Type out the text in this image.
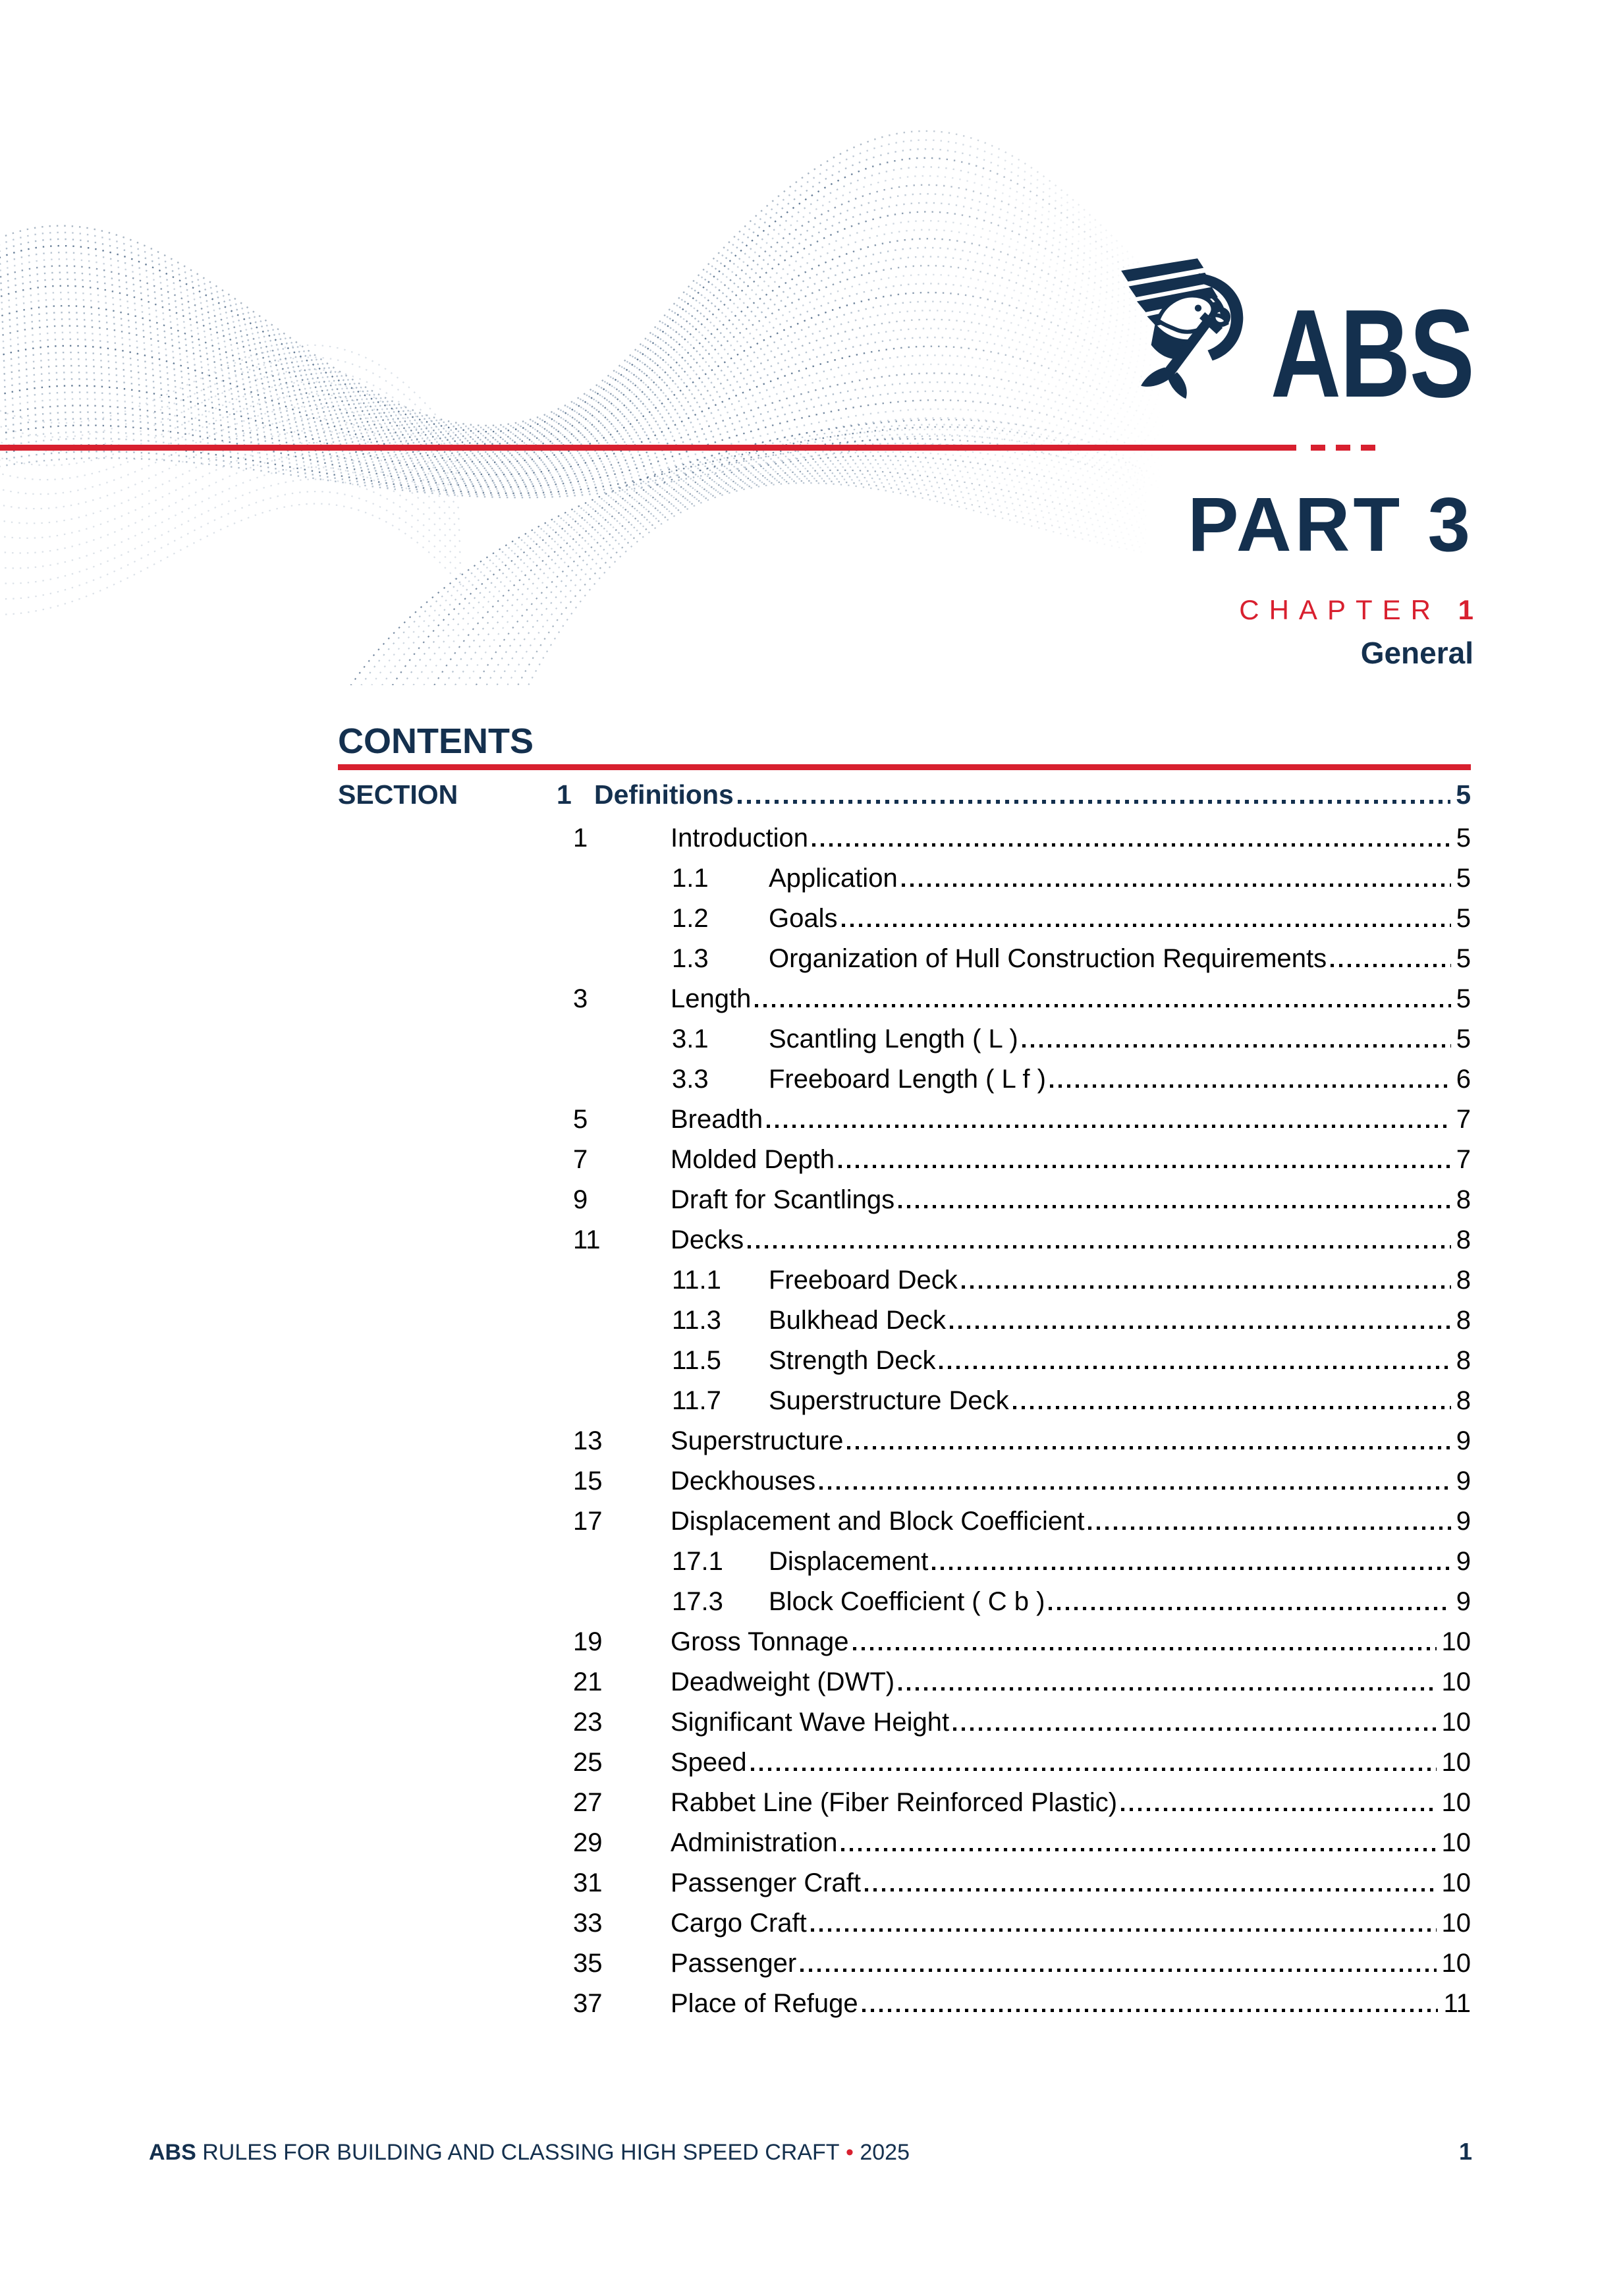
ABS
PART 3
CHAPTER 1
General
CONTENTS
SECTION	1 Definitions	5
1	Introduction	5
1.1	Application	5
1.2	Goals	5
1.3	Organization of Hull Construction Requirements	5
3	Length	5
3.1	Scantling Length ( L )	5
3.3	Freeboard Length ( L f )	6
5	Breadth	7
7	Molded Depth	7
9	Draft for Scantlings	8
11	Decks	8
11.1	Freeboard Deck	8
11.3	Bulkhead Deck	8
11.5	Strength Deck	8
11.7	Superstructure Deck	8
13	Superstructure	9
15	Deckhouses	9
17	Displacement and Block Coefficient	9
17.1	Displacement	9
17.3	Block Coefficient ( C b )	9
19	Gross Tonnage	10
21	Deadweight (DWT)	10
23	Significant Wave Height	10
25	Speed	10
27	Rabbet Line (Fiber Reinforced Plastic)	10
29	Administration	10
31	Passenger Craft	10
33	Cargo Craft	10
35	Passenger	10
37	Place of Refuge	11
ABS RULES FOR BUILDING AND CLASSING HIGH SPEED CRAFT • 2025	1
